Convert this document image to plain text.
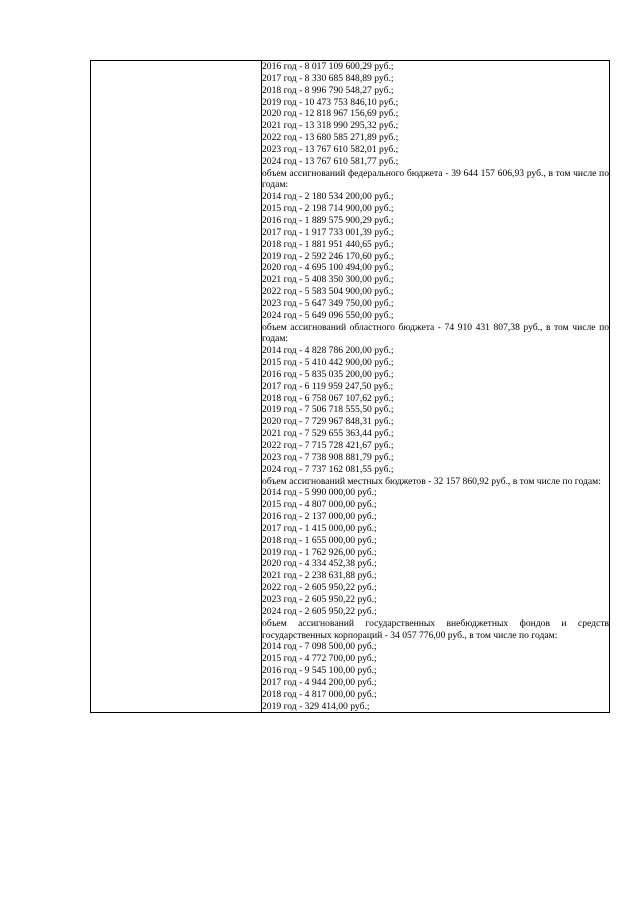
2016 год - 8 017 109 600,29 руб.;
2017 год - 8 330 685 848,89 руб.;
2018 год - 8 996 790 548,27 руб.;
2019 год - 10 473 753 846,10 руб.;
2020 год - 12 818 967 156,69 руб.;
2021 год - 13 318 990 295,32 руб.;
2022 год - 13 680 585 271,89 руб.;
2023 год - 13 767 610 582,01 руб.;
2024 год - 13 767 610 581,77 руб.;
объем ассигнований федерального бюджета - 39 644 157 606,93 руб., в том числе по годам:
2014 год - 2 180 534 200,00 руб.;
2015 год - 2 198 714 900,00 руб.;
2016 год - 1 889 575 900,29 руб.;
2017 год - 1 917 733 001,39 руб.;
2018 год - 1 881 951 440,65 руб.;
2019 год - 2 592 246 170,60 руб.;
2020 год - 4 695 100 494,00 руб.;
2021 год - 5 408 350 300,00 руб.;
2022 год - 5 583 504 900,00 руб.;
2023 год - 5 647 349 750,00 руб.;
2024 год - 5 649 096 550,00 руб.;
объем ассигнований областного бюджета - 74 910 431 807,38 руб., в том числе по годам:
2014 год - 4 828 786 200,00 руб.;
2015 год - 5 410 442 900,00 руб.;
2016 год - 5 835 035 200,00 руб.;
2017 год - 6 119 959 247,50 руб.;
2018 год - 6 758 067 107,62 руб.;
2019 год - 7 506 718 555,50 руб.;
2020 год - 7 729 967 848,31 руб.;
2021 год - 7 529 655 363,44 руб.;
2022 год - 7 715 728 421,67 руб.;
2023 год - 7 738 908 881,79 руб.;
2024 год - 7 737 162 081,55 руб.;
объем ассигнований местных бюджетов - 32 157 860,92 руб., в том числе по годам:
2014 год - 5 990 000,00 руб.;
2015 год - 4 807 000,00 руб.;
2016 год - 2 137 000,00 руб.;
2017 год - 1 415 000,00 руб.;
2018 год - 1 655 000,00 руб.;
2019 год - 1 762 926,00 руб.;
2020 год - 4 334 452,38 руб.;
2021 год - 2 238 631,88 руб.;
2022 год - 2 605 950,22 руб.;
2023 год - 2 605 950,22 руб.;
2024 год - 2 605 950,22 руб.;
объем ассигнований государственных внебюджетных фондов и средств государственных корпораций - 34 057 776,00 руб., в том числе по годам:
2014 год - 7 098 500,00 руб.;
2015 год - 4 772 700,00 руб.;
2016 год - 9 545 100,00 руб.;
2017 год - 4 944 200,00 руб.;
2018 год - 4 817 000,00 руб.;
2019 год - 329 414,00 руб.;
